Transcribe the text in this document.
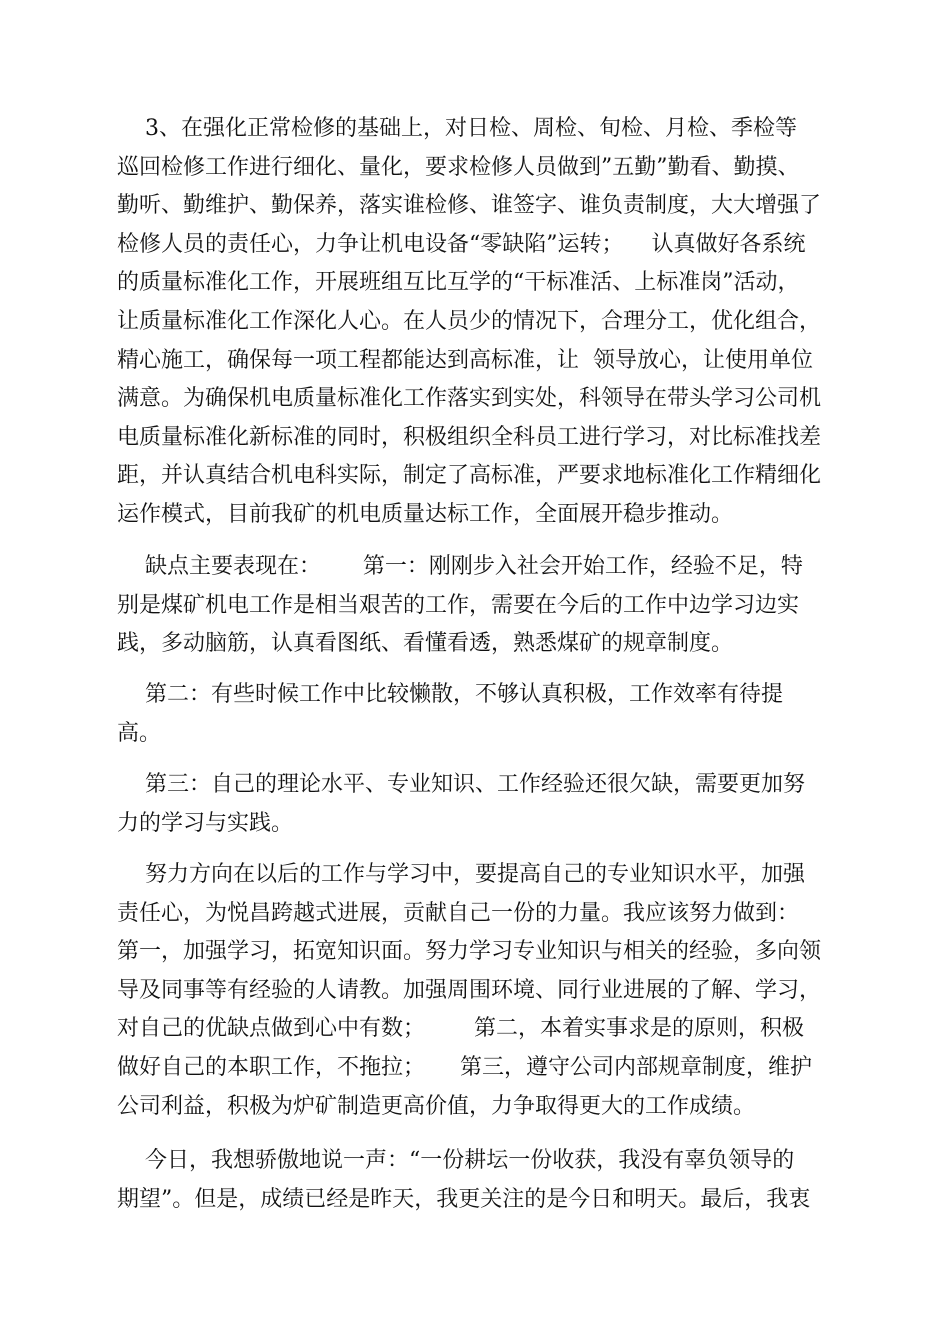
3、在强化正常检修的基础上，对日检、周检、旬检、月检、季检等
巡回检修工作进行细化、量化，要求检修人员做到”五勤”勤看、勤摸、
勤听、勤维护、勤保养，落实谁检修、谁签字、谁负责制度，大大增强了
检修人员的责任心，力争让机电设备“零缺陷”运转；    认真做好各系统
的质量标准化工作，开展班组互比互学的“干标准活、上标准岗”活动，
让质量标准化工作深化人心。在人员少的情况下，合理分工，优化组合，
精心施工，确保每一项工程都能达到高标准，让  领导放心，让使用单位
满意。为确保机电质量标准化工作落实到实处，科领导在带头学习公司机
电质量标准化新标准的同时，积极组织全科员工进行学习，对比标准找差
距，并认真结合机电科实际，制定了高标准，严要求地标准化工作精细化
运作模式，目前我矿的机电质量达标工作，全面展开稳步推动。
缺点主要表现在：      第一：刚刚步入社会开始工作，经验不足，特
别是煤矿机电工作是相当艰苦的工作，需要在今后的工作中边学习边实
践，多动脑筋，认真看图纸、看懂看透，熟悉煤矿的规章制度。
第二：有些时候工作中比较懒散，不够认真积极，工作效率有待提
高。
第三：自己的理论水平、专业知识、工作经验还很欠缺，需要更加努
力的学习与实践。
努力方向在以后的工作与学习中，要提高自己的专业知识水平，加强
责任心，为悦昌跨越式进展，贡献自己一份的力量。我应该努力做到：
第一，加强学习，拓宽知识面。努力学习专业知识与相关的经验，多向领
导及同事等有经验的人请教。加强周围环境、同行业进展的了解、学习，
对自己的优缺点做到心中有数；       第二，本着实事求是的原则，积极
做好自己的本职工作，不拖拉；     第三，遵守公司内部规章制度，维护
公司利益，积极为炉矿制造更高价值，力争取得更大的工作成绩。
今日，我想骄傲地说一声：“一份耕坛一份收获，我没有辜负领导的
期望”。但是，成绩已经是昨天，我更关注的是今日和明天。最后，我衷
